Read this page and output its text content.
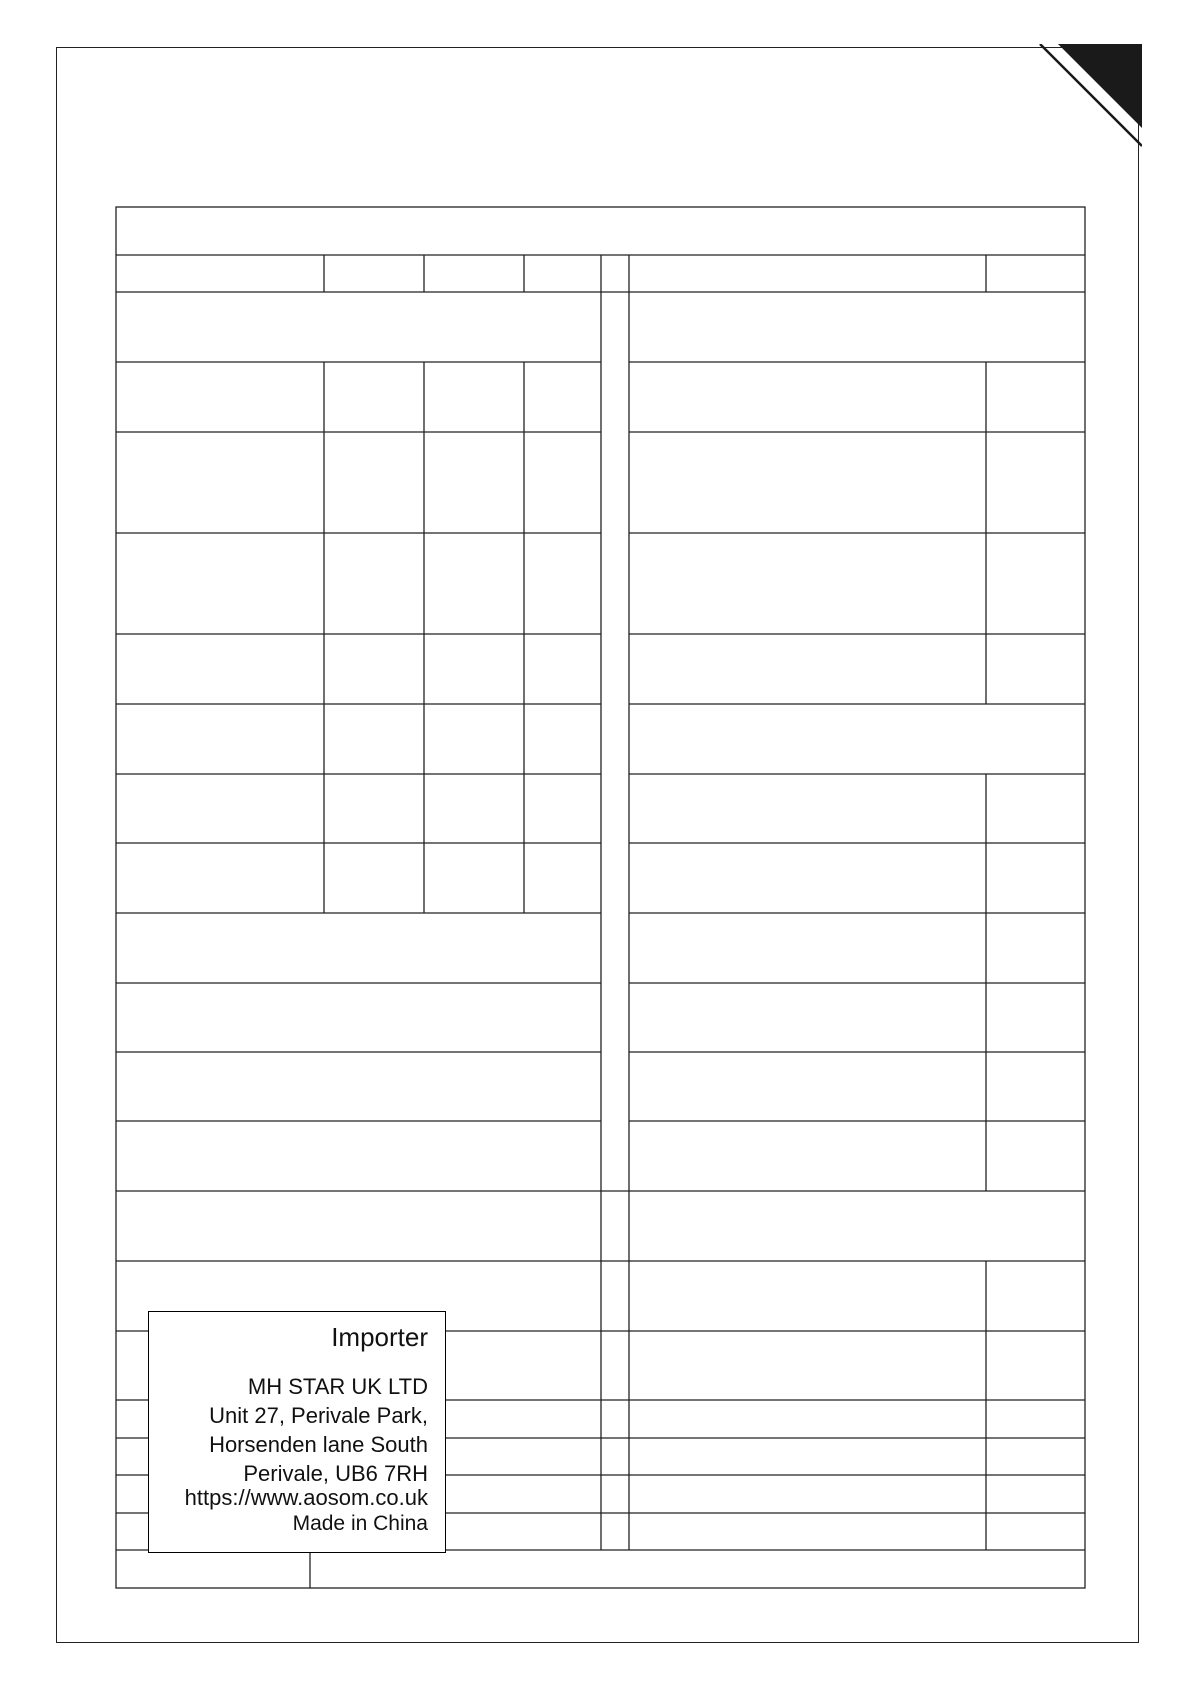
Importer
MH STAR UK LTD
Unit 27, Perivale Park,
Horsenden lane South
Perivale, UB6 7RH
https://www.aosom.co.uk
Made in China
